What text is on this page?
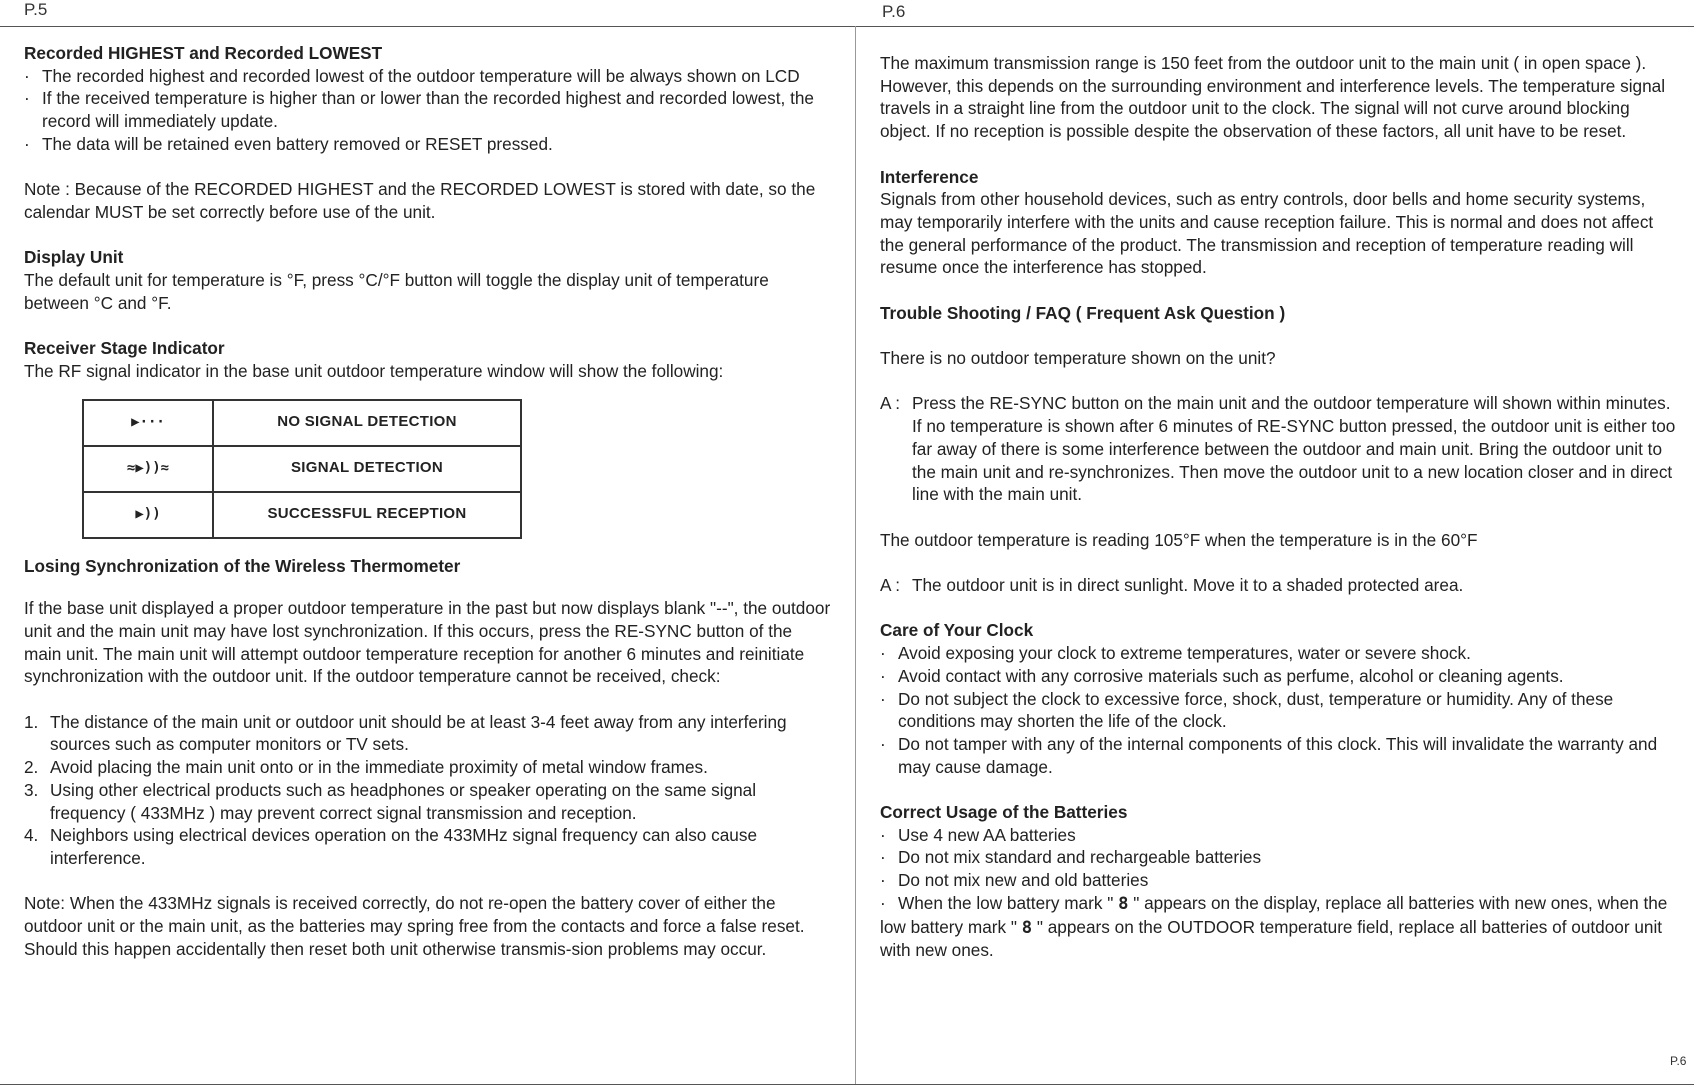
P.5	P.6
P.6

Recorded HIGHEST and Recorded LOWEST

· The recorded highest and recorded lowest of the outdoor temperature will be always shown on LCD

· If the received temperature is higher than or lower than the recorded highest and recorded lowest, the record will immediately update.

· The data will be retained even battery removed or RESET pressed.

Note : Because of the RECORDED HIGHEST and the RECORDED LOWEST is stored with date, so the calendar MUST be set correctly before use of the unit.

Display Unit

The default unit for temperature is °F, press °C/°F button will toggle the display unit of temperature between °C and °F.

Receiver Stage Indicator

The RF signal indicator in the base unit outdoor temperature window will show the following:

▶···	NO SIGNAL DETECTION
≈▶))≈	SIGNAL DETECTION
▶))	SUCCESSFUL RECEPTION

Losing Synchronization of the Wireless Thermometer

If the base unit displayed a proper outdoor temperature in the past but now displays blank "--", the outdoor unit and the main unit may have lost synchronization. If this occurs, press the RE-SYNC button of the main unit. The main unit will attempt outdoor temperature reception for another 6 minutes and reinitiate synchronization with the outdoor unit. If the outdoor temperature cannot be received, check:

1. The distance of the main unit or outdoor unit should be at least 3-4 feet away from any interfering sources such as computer monitors or TV sets.

2. Avoid placing the main unit onto or in the immediate proximity of metal window frames.

3. Using other electrical products such as headphones or speaker operating on the same signal frequency ( 433MHz ) may prevent correct signal transmission and reception.

4. Neighbors using electrical devices operation on the 433MHz signal frequency can also cause interference.

Note: When the 433MHz signals is received correctly, do not re-open the battery cover of either the outdoor unit or the main unit, as the batteries may spring free from the contacts and force a false reset. Should this happen accidentally then reset both unit otherwise transmis-sion problems may occur.

The maximum transmission range is 150 feet from the outdoor unit to the main unit ( in open space ). However, this depends on the surrounding environment and interference levels. The temperature signal travels in a straight line from the outdoor unit to the clock. The signal will not curve around blocking object. If no reception is possible despite the observation of these factors, all unit have to be reset.

Interference

Signals from other household devices, such as entry controls, door bells and home security systems, may temporarily interfere with the units and cause reception failure. This is normal and does not affect the general performance of the product. The transmission and reception of temperature reading will resume once the interference has stopped.

Trouble Shooting / FAQ ( Frequent Ask Question )

There is no outdoor temperature shown on the unit?

A : Press the RE-SYNC button on the main unit and the outdoor temperature will shown within minutes. If no temperature is shown after 6 minutes of RE-SYNC button pressed, the outdoor unit is either too far away of there is some interference between the outdoor and main unit. Bring the outdoor unit to the main unit and re-synchronizes. Then move the outdoor unit to a new location closer and in direct line with the main unit.

The outdoor temperature is reading 105°F when the temperature is in the 60°F

A : The outdoor unit is in direct sunlight. Move it to a shaded protected area.

Care of Your Clock

· Avoid exposing your clock to extreme temperatures, water or severe shock.

· Avoid contact with any corrosive materials such as perfume, alcohol or cleaning agents.

· Do not subject the clock to excessive force, shock, dust, temperature or humidity. Any of these conditions may shorten the life of the clock.

· Do not tamper with any of the internal components of this clock. This will invalidate the warranty and may cause damage.

Correct Usage of the Batteries

· Use 4 new AA batteries

· Do not mix standard and rechargeable batteries

· Do not mix new and old batteries

· When the low battery mark " 8 " appears on the display, replace all batteries with new ones, when the low battery mark " 8 " appears on the OUTDOOR temperature field, replace all batteries of outdoor unit with new ones.
